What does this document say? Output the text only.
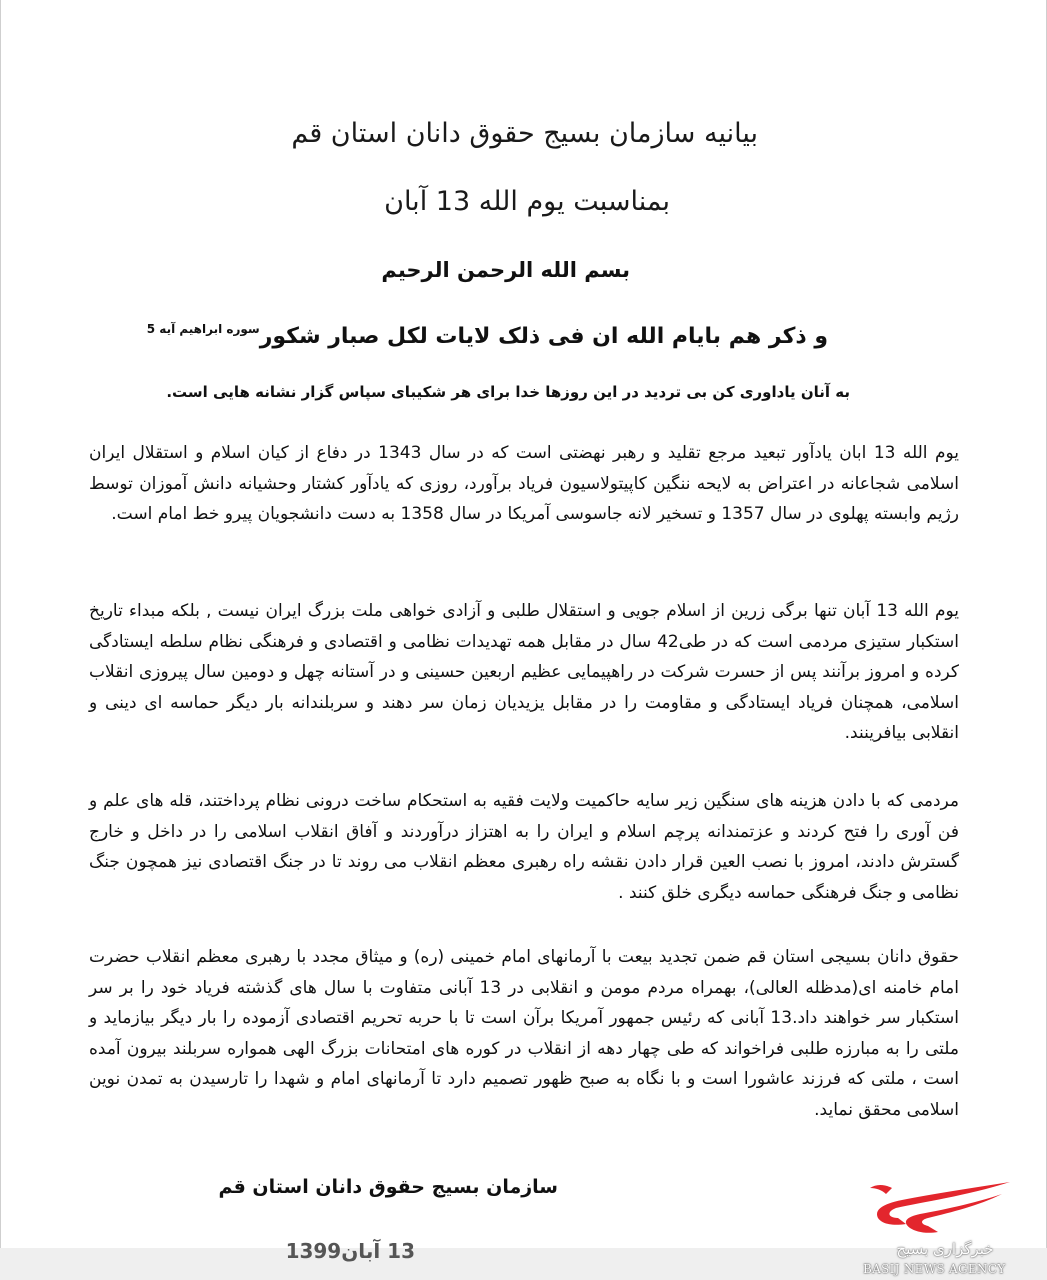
بیانیه سازمان بسیج حقوق دانان استان قم
بمناسبت یوم الله 13 آبان
بسم الله الرحمن الرحیم
و ذکر هم بایام الله ان فی ذلک لایات لکل صبار شکور$^{سوره ابراهیم آیه 5}$
به آنان یاداوری کن بی تردید در این روزها خدا برای هر شکیبای سپاس گزار نشانه هایی است.

یوم الله 13 ابان یادآور تبعید مرجع تقلید و رهبر نهضتی است که در سال 1343 در دفاع از کیان اسلام و استقلال ایران اسلامی شجاعانه در اعتراض به لایحه ننگین کاپیتولاسیون فریاد برآورد، روزی که یادآور کشتار وحشیانه دانش آموزان توسط رژیم وابسته پهلوی در سال 1357 و تسخیر لانه جاسوسی آمریکا در سال 1358 به دست دانشجویان پیرو خط امام است.

یوم الله 13 آبان تنها برگی زرین از اسلام جویی و استقلال طلبی و آزادی خواهی ملت بزرگ ایران نیست , بلکه مبداء تاریخ استکبار ستیزی مردمی است که در طی42 سال در مقابل همه تهدیدات نظامی و اقتصادی و فرهنگی نظام سلطه ایستادگی کرده و امروز برآنند پس از حسرت شرکت در راهپیمایی عظیم اربعین حسینی و در آستانه چهل و دومین سال پیروزی انقلاب اسلامی، همچنان فریاد ایستادگی و مقاومت را در مقابل یزیدیان زمان سر دهند و سربلندانه بار دیگر حماسه ای دینی و انقلابی بیافرینند.

مردمی که با دادن هزینه های سنگین زیر سایه حاکمیت ولایت فقیه به استحکام ساخت درونی نظام پرداختند، قله های علم و فن آوری را فتح کردند و عزتمندانه پرچم اسلام و ایران را به اهتزاز درآوردند و آفاق انقلاب اسلامی را در داخل و خارج گسترش دادند، امروز با نصب العین قرار دادن نقشه راه رهبری معظم انقلاب می روند تا در جنگ اقتصادی نیز همچون جنگ نظامی و جنگ فرهنگی حماسه دیگری خلق کنند .

حقوق دانان بسیجی استان قم ضمن تجدید بیعت با آرمانهای امام خمینی (ره) و میثاق مجدد با رهبری معظم انقلاب حضرت امام خامنه ای(مدظله العالی)، بهمراه مردم مومن و انقلابی در 13 آبانی متفاوت با سال های گذشته فریاد خود را بر سر استکبار سر خواهند داد.13 آبانی که رئیس جمهور آمریکا برآن است تا با حربه تحریم اقتصادی آزموده را بار دیگر بیازماید و ملتی را به مبارزه طلبی فراخواند که طی چهار دهه از انقلاب در کوره های امتحانات بزرگ الهی همواره سربلند بیرون آمده است ، ملتی که فرزند عاشورا است و با نگاه به صبح ظهور تصمیم دارد تا آرمانهای امام و شهدا را تارسیدن به تمدن نوین اسلامی محقق نماید.

سازمان بسیج حقوق دانان استان قم
13 آبان1399	خبرگزاری بسیج
BASIJ NEWS AGENCY
